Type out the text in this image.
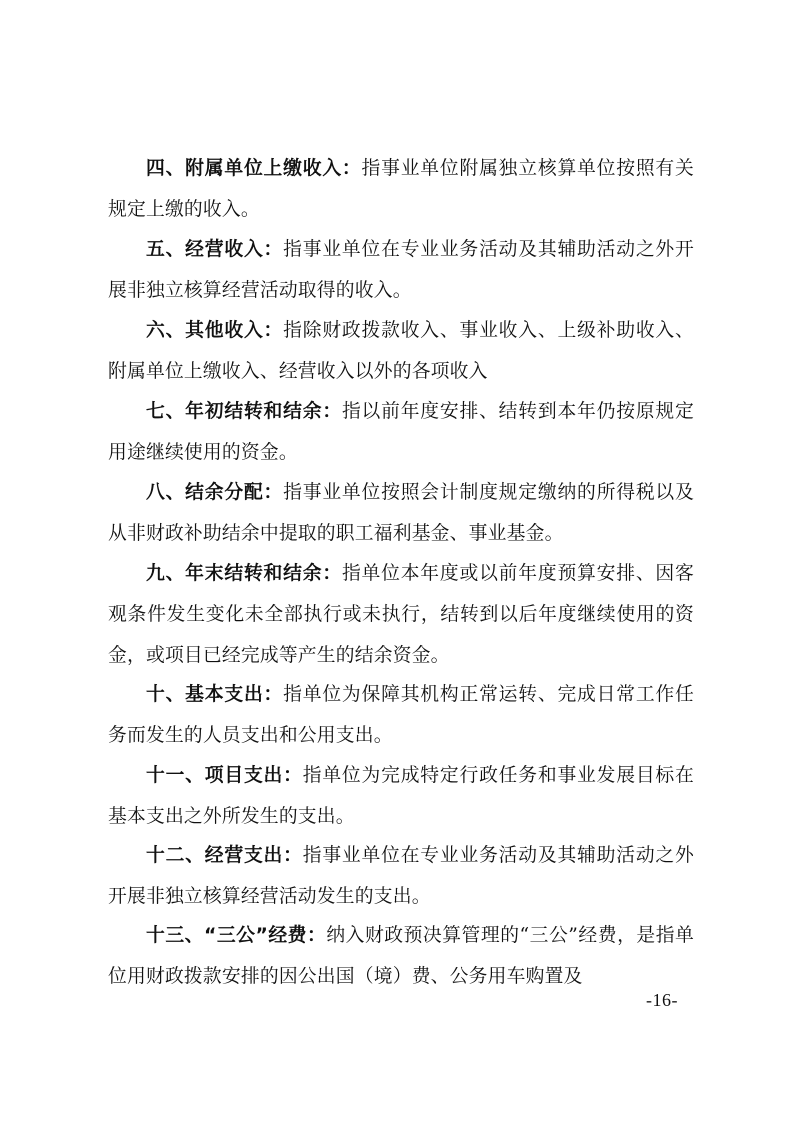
四、附属单位上缴收入：指事业单位附属独立核算单位按照有关规定上缴的收入。

五、经营收入：指事业单位在专业业务活动及其辅助活动之外开展非独立核算经营活动取得的收入。

六、其他收入：指除财政拨款收入、事业收入、上级补助收入、附属单位上缴收入、经营收入以外的各项收入

七、年初结转和结余：指以前年度安排、结转到本年仍按原规定用途继续使用的资金。

八、结余分配：指事业单位按照会计制度规定缴纳的所得税以及从非财政补助结余中提取的职工福利基金、事业基金。

九、年末结转和结余：指单位本年度或以前年度预算安排、因客观条件发生变化未全部执行或未执行，结转到以后年度继续使用的资金，或项目已经完成等产生的结余资金。

十、基本支出：指单位为保障其机构正常运转、完成日常工作任务而发生的人员支出和公用支出。

十一、项目支出：指单位为完成特定行政任务和事业发展目标在基本支出之外所发生的支出。

十二、经营支出：指事业单位在专业业务活动及其辅助活动之外开展非独立核算经营活动发生的支出。

十三、“三公”经费：纳入财政预决算管理的“三公”经费，是指单位用财政拨款安排的因公出国（境）费、公务用车购置及

-16-
